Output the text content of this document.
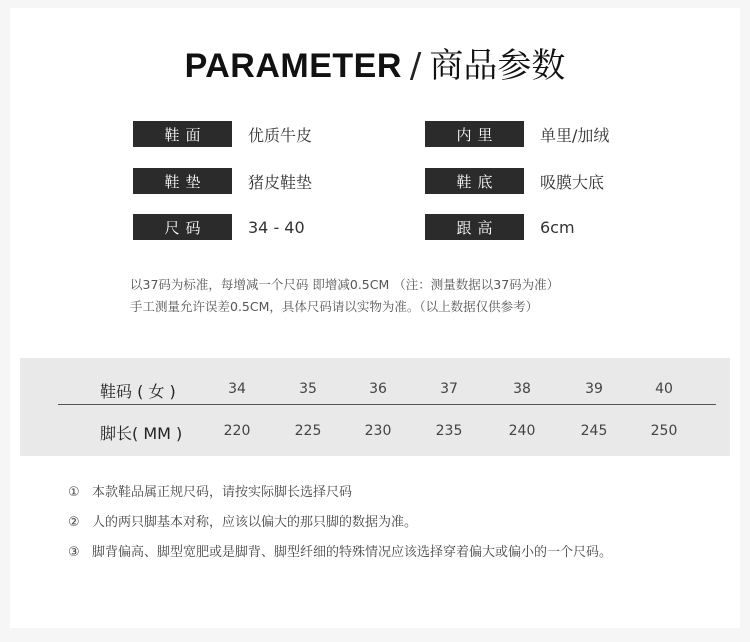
PARAMETER / 商品参数
鞋面	优质牛皮	内里	单里/加绒
鞋垫	猪皮鞋垫	鞋底	吸膜大底
尺码	34 - 40	跟高	6cm
以37码为标准，每增减一个尺码 即增减0.5CM （注：测量数据以37码为准）
手工测量允许误差0.5CM，具体尺码请以实物为准。（以上数据仅供参考）
鞋码 ( 女 )	34	35	36	37	38	39	40
脚长( MM )	220	225	230	235	240	245	250
① 本款鞋品属正规尺码，请按实际脚长选择尺码
② 人的两只脚基本对称，应该以偏大的那只脚的数据为准。
③ 脚背偏高、脚型宽肥或是脚背、脚型纤细的特殊情况应该选择穿着偏大或偏小的一个尺码。
